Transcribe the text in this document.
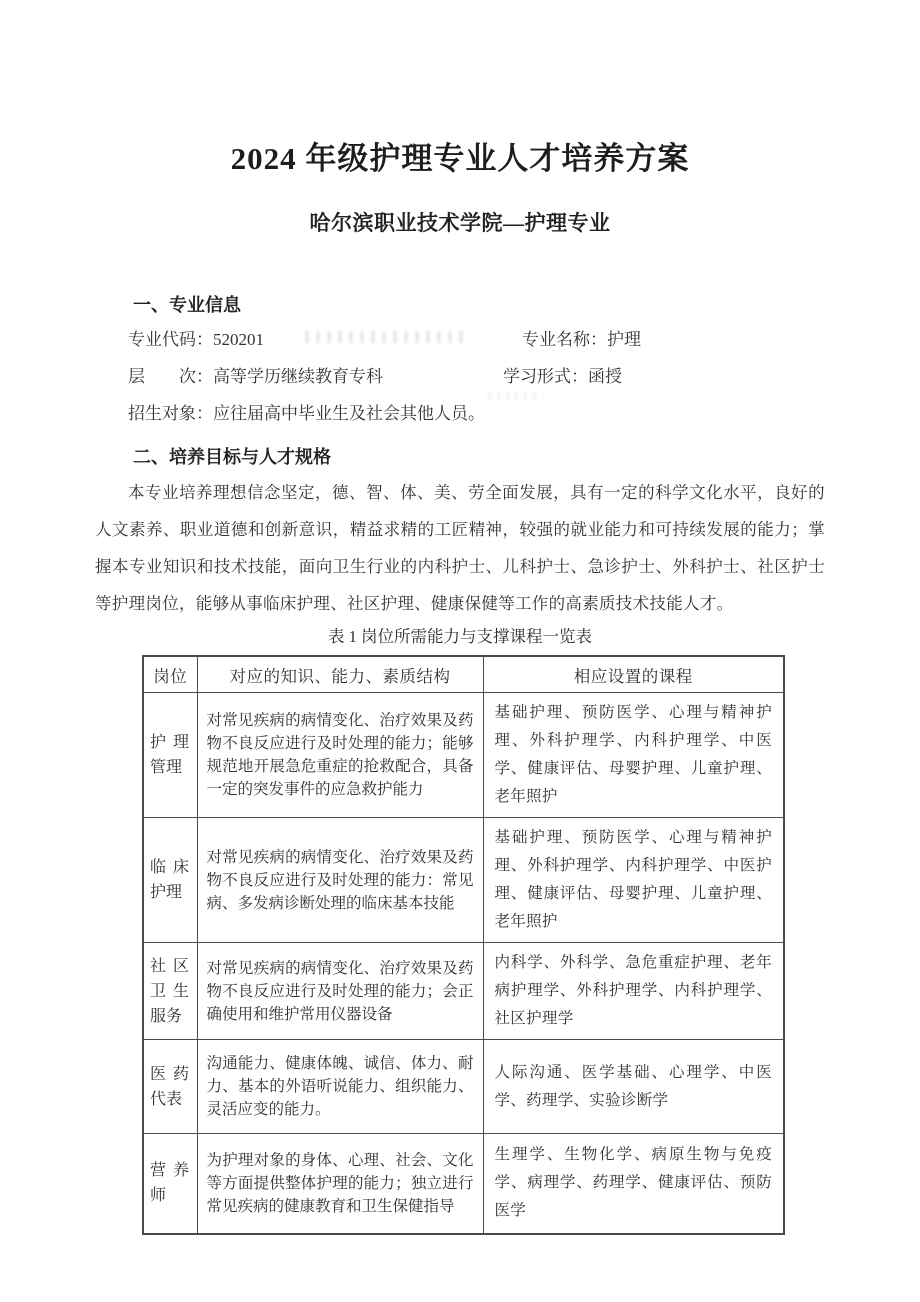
2024 年级护理专业人才培养方案
哈尔滨职业技术学院—护理专业
一、专业信息
专业代码：520201	专业名称：护理
层　　次：高等学历继续教育专科	学习形式：函授
招生对象：应往届高中毕业生及社会其他人员。
二、培养目标与人才规格

本专业培养理想信念坚定，德、智、体、美、劳全面发展，具有一定的科学文化水平，良好的人文素养、职业道德和创新意识，精益求精的工匠精神，较强的就业能力和可持续发展的能力；掌握本专业知识和技术技能，面向卫生行业的内科护士、儿科护士、急诊护士、外科护士、社区护士等护理岗位，能够从事临床护理、社区护理、健康保健等工作的高素质技术技能人才。

表 1 岗位所需能力与支撑课程一览表

岗位	对应的知识、能力、素质结构	相应设置的课程

护 理
管理	对常见疾病的病情变化、治疗效果及药物不良反应进行及时处理的能力；能够规范地开展急危重症的抢救配合，具备一定的突发事件的应急救护能力	基础护理、预防医学、心理与精神护理、外科护理学、内科护理学、中医学、健康评估、母婴护理、儿童护理、老年照护

临 床
护理	对常见疾病的病情变化、治疗效果及药物不良反应进行及时处理的能力：常见病、多发病诊断处理的临床基本技能	基础护理、预防医学、心理与精神护理、外科护理学、内科护理学、中医护理、健康评估、母婴护理、儿童护理、老年照护

社 区
卫 生
服务	对常见疾病的病情变化、治疗效果及药物不良反应进行及时处理的能力；会正确使用和维护常用仪器设备	内科学、外科学、急危重症护理、老年病护理学、外科护理学、内科护理学、社区护理学

医 药
代表	沟通能力、健康体魄、诚信、体力、耐力、基本的外语听说能力、组织能力、灵活应变的能力。	人际沟通、医学基础、心理学、中医学、药理学、实验诊断学

营 养
师	为护理对象的身体、心理、社会、文化等方面提供整体护理的能力；独立进行常见疾病的健康教育和卫生保健指导	生理学、生物化学、病原生物与免疫学、病理学、药理学、健康评估、预防医学
